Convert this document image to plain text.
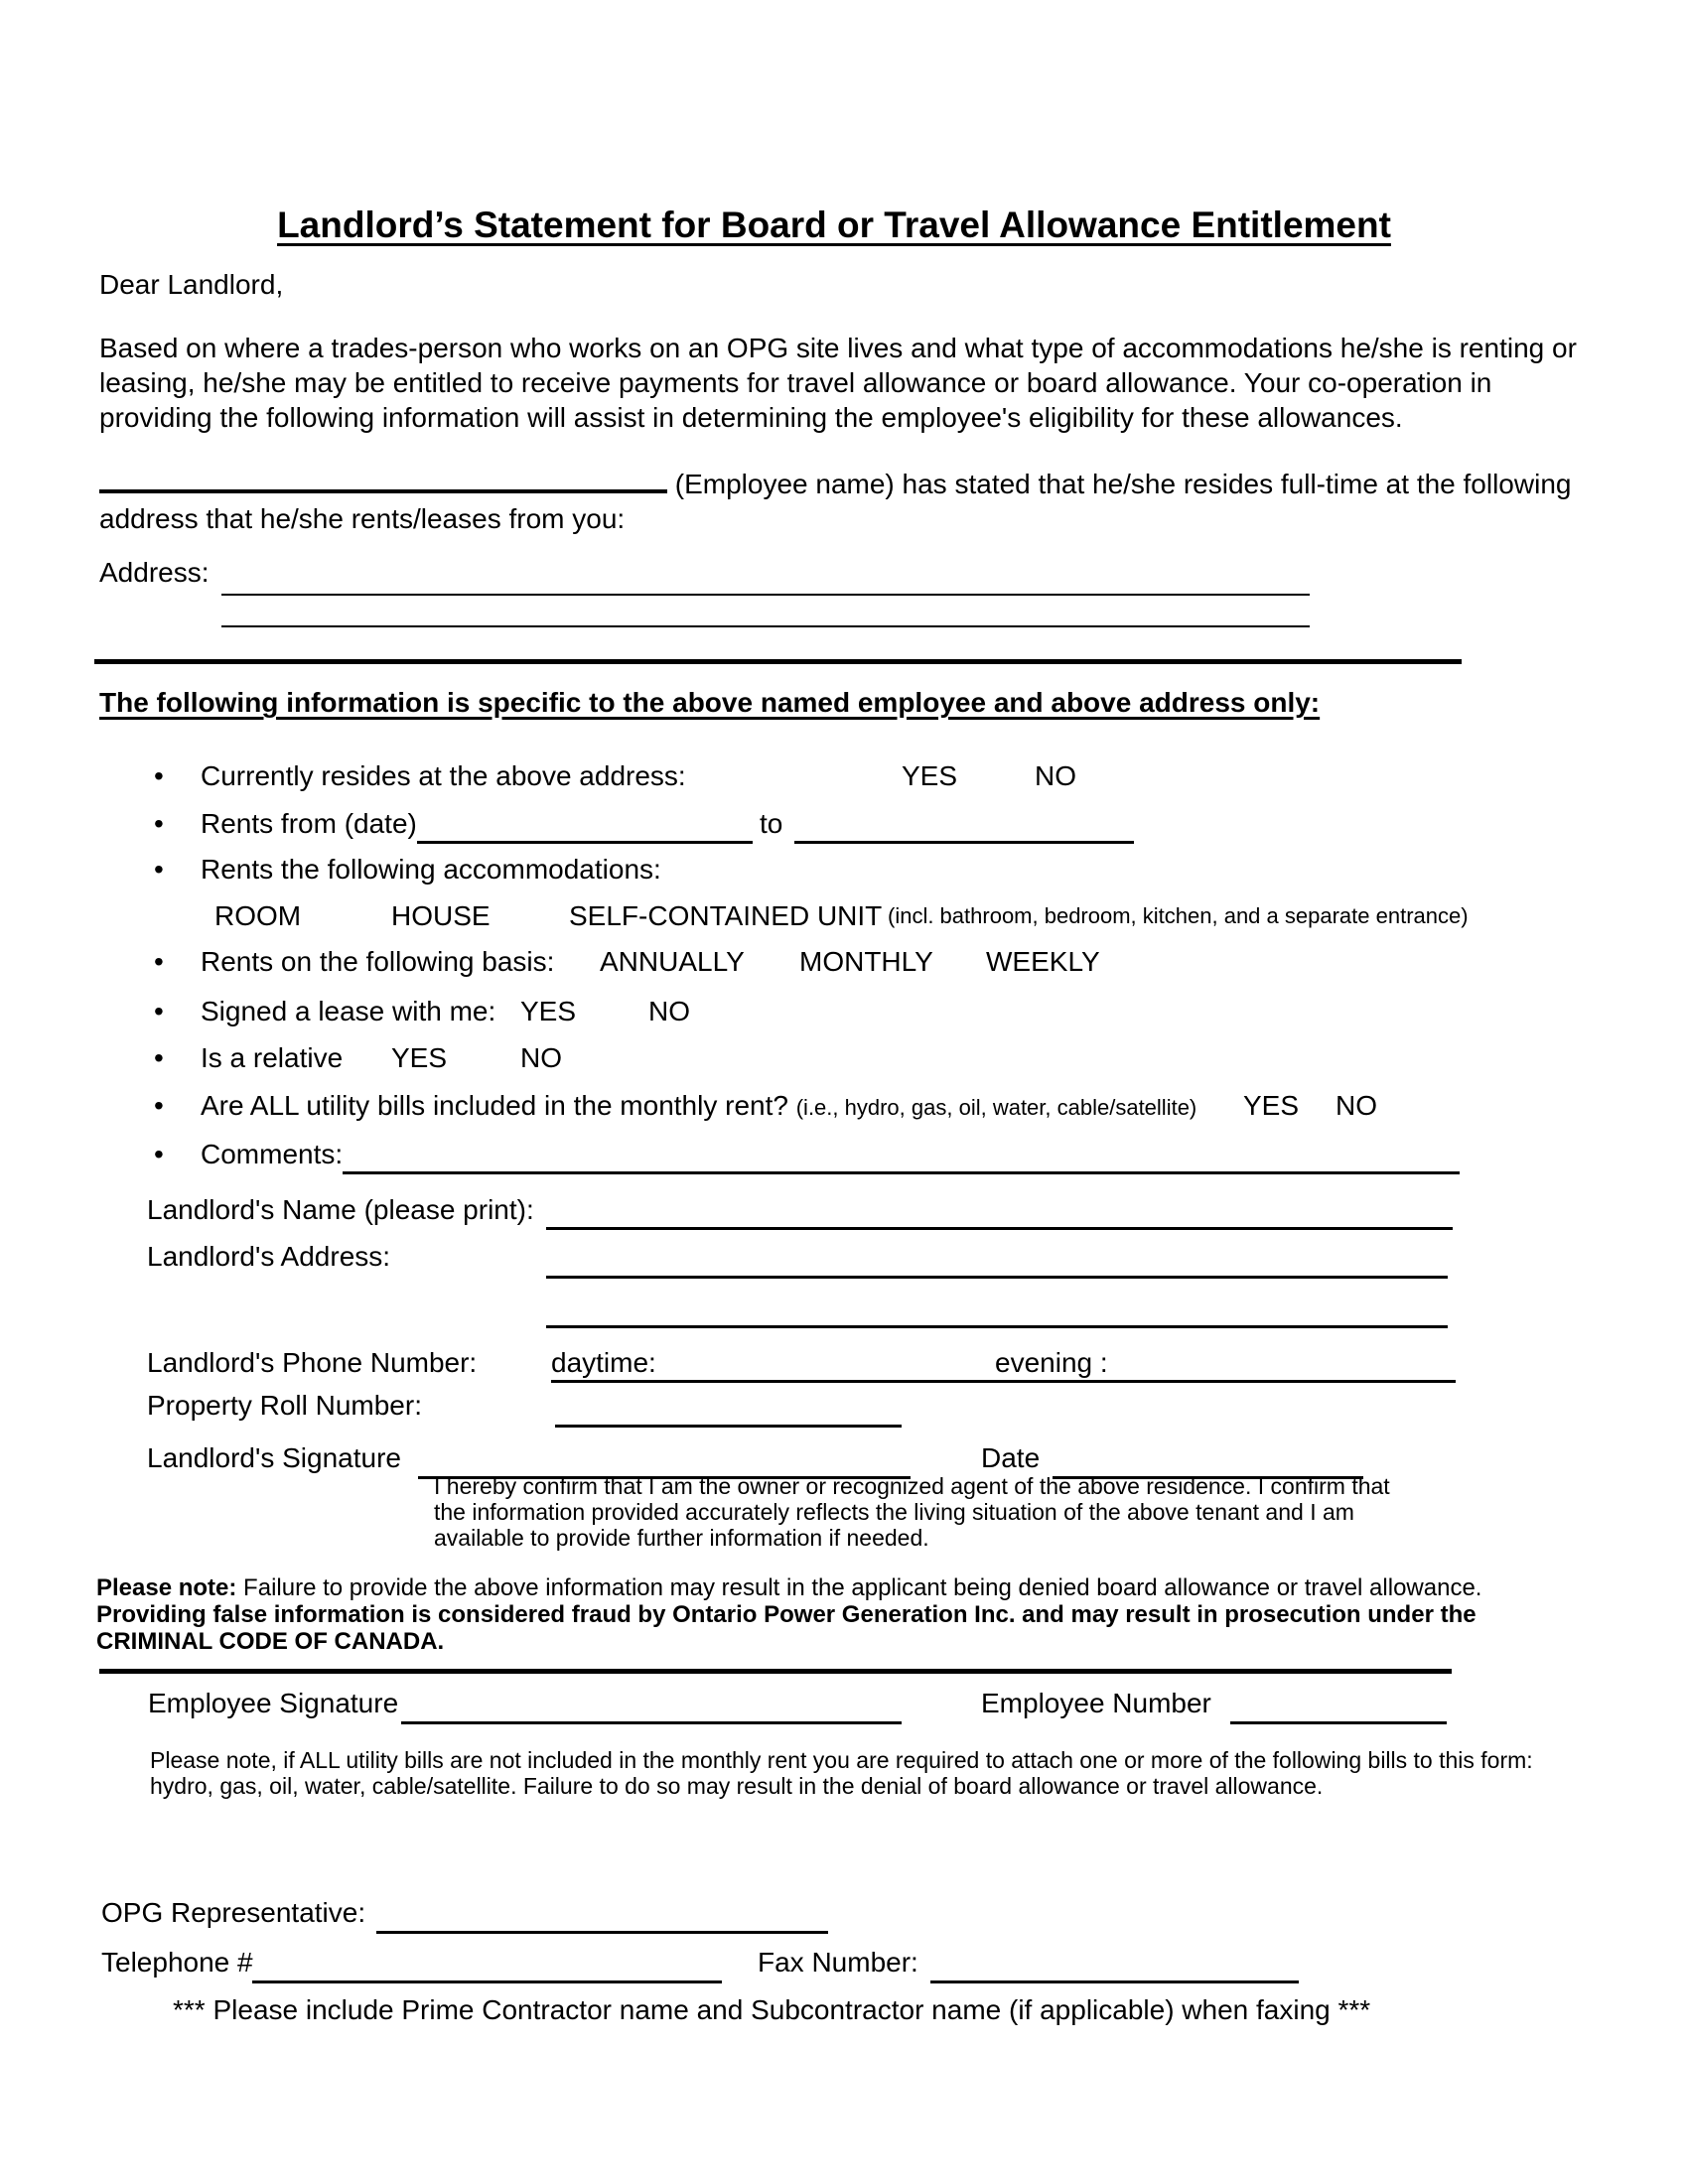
Landlord’s Statement for Board or Travel Allowance Entitlement
Dear Landlord,
Based on where a trades-person who works on an OPG site lives and what type of accommodations he/she is renting or leasing, he/she may be entitled to receive payments for travel allowance or board allowance. Your co-operation in providing the following information will assist in determining the employee's eligibility for these allowances.
(Employee name) has stated that he/she resides full-time at the following address that he/she rents/leases from you:
Address:
The following information is specific to the above named employee and above address only:
• Currently resides at the above address:	YES	NO
• Rents from (date)	to
• Rents the following accommodations:
ROOM	HOUSE	SELF-CONTAINED UNIT (incl. bathroom, bedroom, kitchen, and a separate entrance)
• Rents on the following basis: ANNUALLY MONTHLY WEEKLY
• Signed a lease with me: YES	NO
• Is a relative YES	NO
• Are ALL utility bills included in the monthly rent? (i.e., hydro, gas, oil, water, cable/satellite) YES NO
• Comments:
Landlord's Name (please print):
Landlord's Address:
Landlord's Phone Number:	daytime:	evening :
Property Roll Number:
Landlord's Signature	Date
I hereby confirm that I am the owner or recognized agent of the above residence. I confirm that the information provided accurately reflects the living situation of the above tenant and I am available to provide further information if needed.
Please note: Failure to provide the above information may result in the applicant being denied board allowance or travel allowance. Providing false information is considered fraud by Ontario Power Generation Inc. and may result in prosecution under the CRIMINAL CODE OF CANADA.
Employee Signature	Employee Number
Please note, if ALL utility bills are not included in the monthly rent you are required to attach one or more of the following bills to this form: hydro, gas, oil, water, cable/satellite. Failure to do so may result in the denial of board allowance or travel allowance.
OPG Representative:
Telephone #	Fax Number:
*** Please include Prime Contractor name and Subcontractor name (if applicable) when faxing ***
